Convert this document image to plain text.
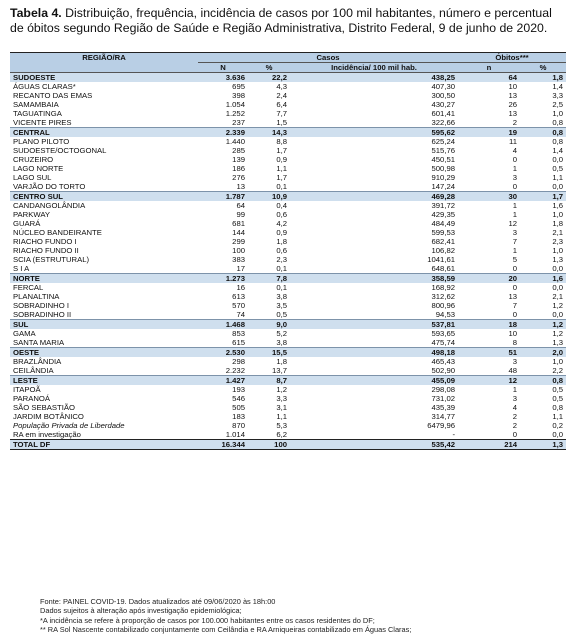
Tabela 4. Distribuição, frequência, incidência de casos por 100 mil habitantes, número e percentual de óbitos segundo Região de Saúde e Região Administrativa, Distrito Federal, 9 de junho de 2020.
REGIÃO/RA	Casos			Óbitos***	
	N	%	Incidência/ 100 mil hab.	n	%
SUDOESTE	3.636	22,2	438,25	64	1,8
ÁGUAS CLARAS*	695	4,3	407,30	10	1,4
RECANTO DAS EMAS	398	2,4	300,50	13	3,3
SAMAMBAIA	1.054	6,4	430,27	26	2,5
TAGUATINGA	1.252	7,7	601,41	13	1,0
VICENTE PIRES	237	1,5	322,66	2	0,8
CENTRAL	2.339	14,3	595,62	19	0,8
PLANO PILOTO	1.440	8,8	625,24	11	0,8
SUDOESTE/OCTOGONAL	285	1,7	515,76	4	1,4
CRUZEIRO	139	0,9	450,51	0	0,0
LAGO NORTE	186	1,1	500,98	1	0,5
LAGO SUL	276	1,7	910,29	3	1,1
VARJÃO DO TORTO	13	0,1	147,24	0	0,0
CENTRO SUL	1.787	10,9	469,28	30	1,7
CANDANGOLÂNDIA	64	0,4	391,72	1	1,6
PARKWAY	99	0,6	429,35	1	1,0
GUARÁ	681	4,2	484,49	12	1,8
NÚCLEO BANDEIRANTE	144	0,9	599,53	3	2,1
RIACHO FUNDO I	299	1,8	682,41	7	2,3
RIACHO FUNDO II	100	0,6	106,82	1	1,0
SCIA (ESTRUTURAL)	383	2,3	1041,61	5	1,3
S I A	17	0,1	648,61	0	0,0
NORTE	1.273	7,8	358,59	20	1,6
FERCAL	16	0,1	168,92	0	0,0
PLANALTINA	613	3,8	312,62	13	2,1
SOBRADINHO I	570	3,5	800,96	7	1,2
SOBRADINHO II	74	0,5	94,53	0	0,0
SUL	1.468	9,0	537,81	18	1,2
GAMA	853	5,2	593,65	10	1,2
SANTA MARIA	615	3,8	475,74	8	1,3
OESTE	2.530	15,5	498,18	51	2,0
BRAZLÂNDIA	298	1,8	465,43	3	1,0
CEILÂNDIA	2.232	13,7	502,90	48	2,2
LESTE	1.427	8,7	455,09	12	0,8
ITAPOÃ	193	1,2	298,08	1	0,5
PARANOÁ	546	3,3	731,02	3	0,5
SÃO SEBASTIÃO	505	3,1	435,39	4	0,8
JARDIM BOTÂNICO	183	1,1	314,77	2	1,1
População Privada de Liberdade	870	5,3	6479,96	2	0,2
RA em investigação	1.014	6,2	-	0	0,0
TOTAL DF	16.344	100	535,42	214	1,3
Fonte: PAINEL COVID-19. Dados atualizados até 09/06/2020 às 18h:00
Dados sujeitos à alteração após investigação epidemiológica;
*A incidência se refere à proporção de casos por 100.000 habitantes entre os casos residentes do DF;
** RA Sol Nascente contabilizado conjuntamente com Ceilândia e RA Arniqueiras contabilizado em Águas Claras;
